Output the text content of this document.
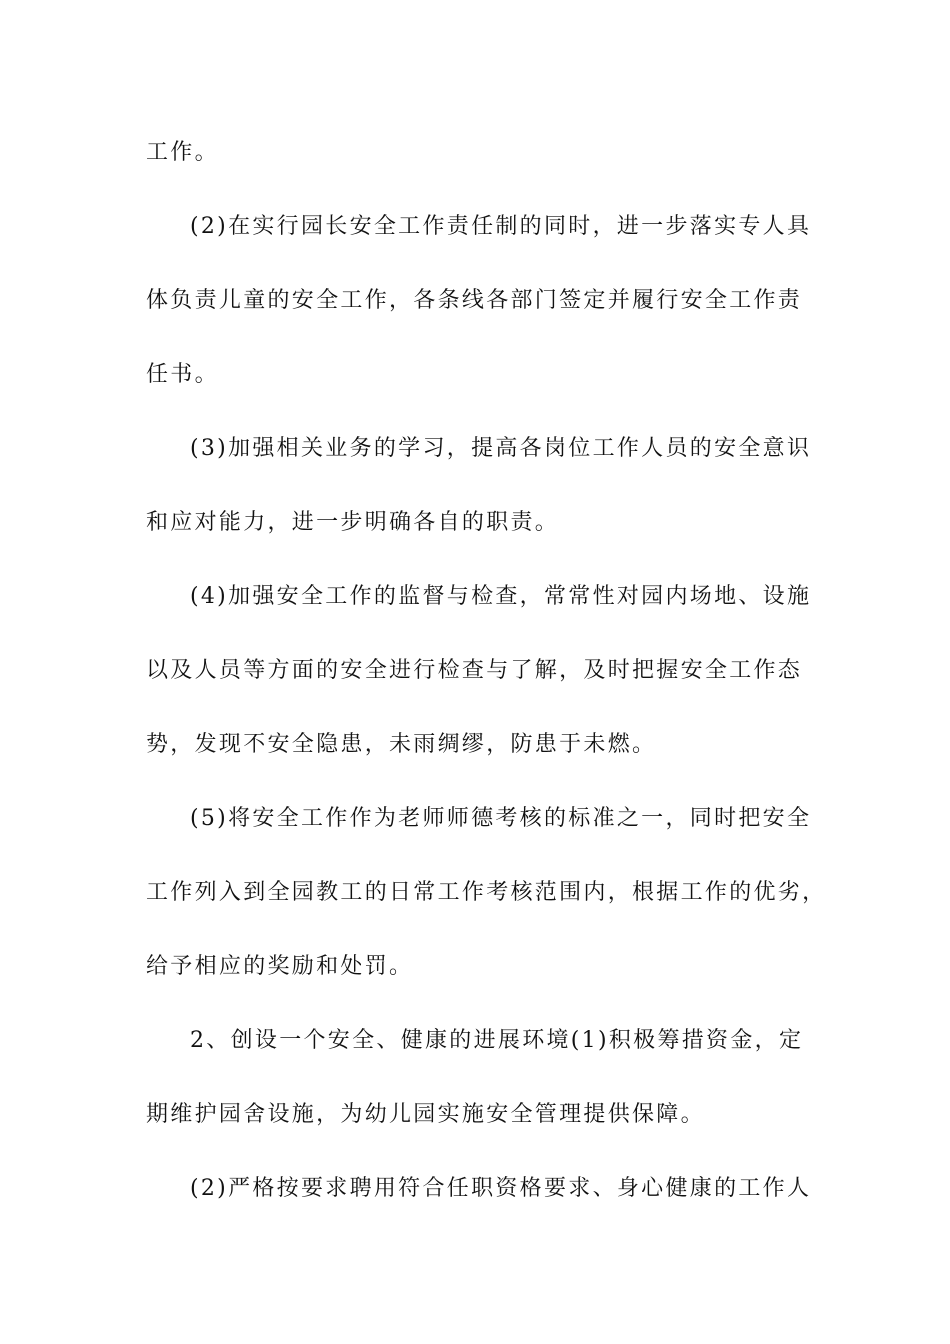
工作。
(2)在实行园长安全工作责任制的同时，进一步落实专人具
体负责儿童的安全工作，各条线各部门签定并履行安全工作责
任书。
(3)加强相关业务的学习，提高各岗位工作人员的安全意识
和应对能力，进一步明确各自的职责。
(4)加强安全工作的监督与检查，常常性对园内场地、设施
以及人员等方面的安全进行检查与了解，及时把握安全工作态
势，发现不安全隐患，未雨绸缪，防患于未燃。
(5)将安全工作作为老师师德考核的标准之一，同时把安全
工作列入到全园教工的日常工作考核范围内，根据工作的优劣，
给予相应的奖励和处罚。
2、创设一个安全、健康的进展环境(1)积极筹措资金，定
期维护园舍设施，为幼儿园实施安全管理提供保障。
(2)严格按要求聘用符合任职资格要求、身心健康的工作人
